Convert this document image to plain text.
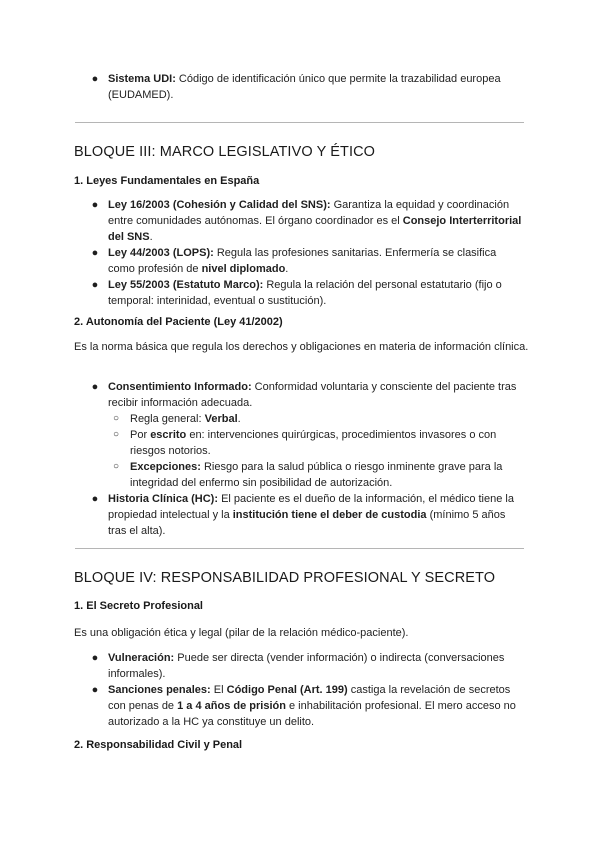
● Sistema UDI: Código de identificación único que permite la trazabilidad europea (EUDAMED).
BLOQUE III: MARCO LEGISLATIVO Y ÉTICO
1. Leyes Fundamentales en España
● Ley 16/2003 (Cohesión y Calidad del SNS): Garantiza la equidad y coordinación entre comunidades autónomas. El órgano coordinador es el Consejo Interterritorial del SNS.
● Ley 44/2003 (LOPS): Regula las profesiones sanitarias. Enfermería se clasifica como profesión de nivel diplomado.
● Ley 55/2003 (Estatuto Marco): Regula la relación del personal estatutario (fijo o temporal: interinidad, eventual o sustitución).
2. Autonomía del Paciente (Ley 41/2002)

Es la norma básica que regula los derechos y obligaciones en materia de información clínica.

● Consentimiento Informado: Conformidad voluntaria y consciente del paciente tras recibir información adecuada.
○ Regla general: Verbal.
○ Por escrito en: intervenciones quirúrgicas, procedimientos invasores o con riesgos notorios.
○ Excepciones: Riesgo para la salud pública o riesgo inminente grave para la integridad del enfermo sin posibilidad de autorización.
● Historia Clínica (HC): El paciente es el dueño de la información, el médico tiene la propiedad intelectual y la institución tiene el deber de custodia (mínimo 5 años tras el alta).
BLOQUE IV: RESPONSABILIDAD PROFESIONAL Y SECRETO
1. El Secreto Profesional

Es una obligación ética y legal (pilar de la relación médico-paciente).

● Vulneración: Puede ser directa (vender información) o indirecta (conversaciones informales).
● Sanciones penales: El Código Penal (Art. 199) castiga la revelación de secretos con penas de 1 a 4 años de prisión e inhabilitación profesional. El mero acceso no autorizado a la HC ya constituye un delito.
2. Responsabilidad Civil y Penal
